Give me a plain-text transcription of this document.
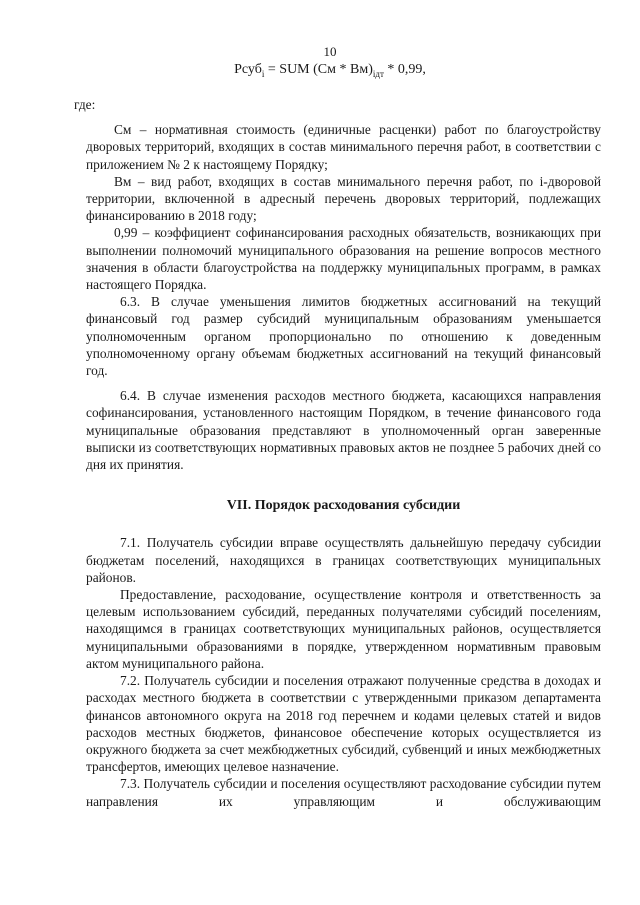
10
Pсуб$_i$ = SUM $(См * Вм)_{iдт} * 0,99$,

где:

См – нормативная стоимость (единичные расценки) работ по благоустройству дворовых территорий, входящих в состав минимального перечня работ, в соответствии с приложением № 2 к настоящему Порядку;

Вм – вид работ, входящих в состав минимального перечня работ, по i-дворовой территории, включенной в адресный перечень дворовых территорий, подлежащих финансированию в 2018 году;

0,99 – коэффициент софинансирования расходных обязательств, возникающих при выполнении полномочий муниципального образования на решение вопросов местного значения в области благоустройства на поддержку муниципальных программ, в рамках настоящего Порядка.

6.3. В случае уменьшения лимитов бюджетных ассигнований на текущий финансовый год размер субсидий муниципальным образованиям уменьшается уполномоченным органом пропорционально по отношению к доведенным уполномоченному органу объемам бюджетных ассигнований на текущий финансовый год.

6.4. В случае изменения расходов местного бюджета, касающихся направления софинансирования, установленного настоящим Порядком, в течение финансового года муниципальные образования представляют в уполномоченный орган заверенные выписки из соответствующих нормативных правовых актов не позднее 5 рабочих дней со дня их принятия.

VII. Порядок расходования субсидии

7.1. Получатель субсидии вправе осуществлять дальнейшую передачу субсидии бюджетам поселений, находящихся в границах соответствующих муниципальных районов.

Предоставление, расходование, осуществление контроля и ответственность за целевым использованием субсидий, переданных получателями субсидий поселениям, находящимся в границах соответствующих муниципальных районов, осуществляется муниципальными образованиями в порядке, утвержденном нормативным правовым актом муниципального района.

7.2. Получатель субсидии и поселения отражают полученные средства в доходах и расходах местного бюджета в соответствии с утвержденными приказом департамента финансов автономного округа на 2018 год перечнем и кодами целевых статей и видов расходов местных бюджетов, финансовое обеспечение которых осуществляется из окружного бюджета за счет межбюджетных субсидий, субвенций и иных межбюджетных трансфертов, имеющих целевое назначение.

7.3. Получатель субсидии и поселения осуществляют расходование субсидии путем направления их управляющим и обслуживающим
